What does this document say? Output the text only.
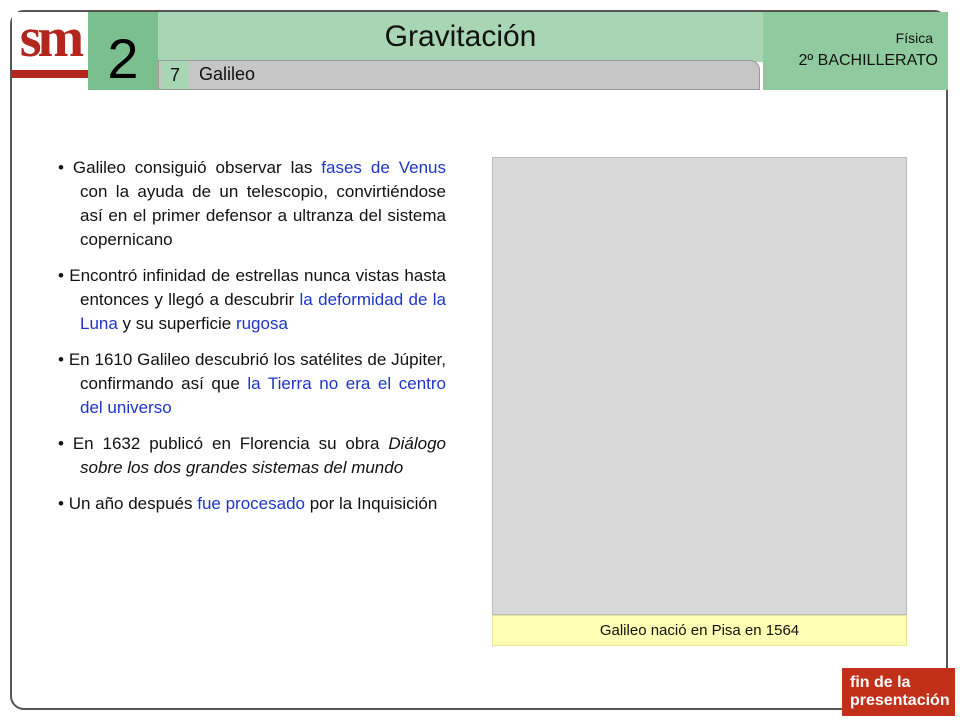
sm 2	Gravitación
7	Galileo
Física
2º BACHILLERATO
• Galileo consiguió observar las fases de Venus con la ayuda de un telescopio, convirtiéndose así en el primer defensor a ultranza del sistema copernicano
• Encontró infinidad de estrellas nunca vistas hasta entonces y llegó a descubrir la deformidad de la Luna y su superficie rugosa
• En 1610 Galileo descubrió los satélites de Júpiter, confirmando así que la Tierra no era el centro del universo
• En 1632 publicó en Florencia su obra Diálogo sobre los dos grandes sistemas del mundo
• Un año después fue procesado por la Inquisición
Galileo nació en Pisa en 1564
fin de la
presentación
